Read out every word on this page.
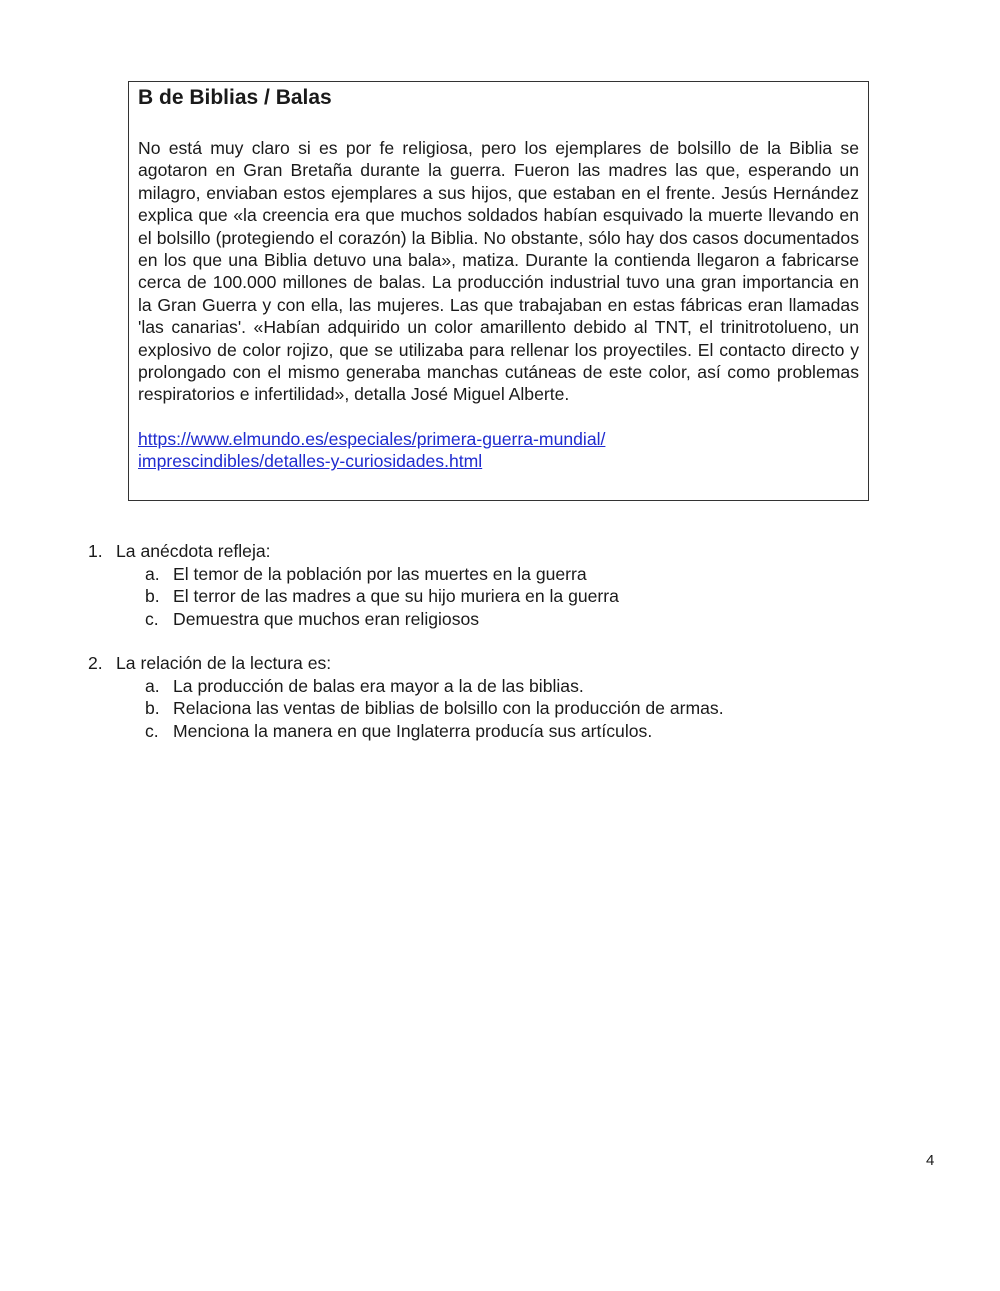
B de Biblias / Balas
No está muy claro si es por fe religiosa, pero los ejemplares de bolsillo de la Biblia se agotaron en Gran Bretaña durante la guerra. Fueron las madres las que, esperando un milagro, enviaban estos ejemplares a sus hijos, que estaban en el frente. Jesús Hernández explica que «la creencia era que muchos soldados habían esquivado la muerte llevando en el bolsillo (protegiendo el corazón) la Biblia. No obstante, sólo hay dos casos documentados en los que una Biblia detuvo una bala», matiza. Durante la contienda llegaron a fabricarse cerca de 100.000 millones de balas. La producción industrial tuvo una gran importancia en la Gran Guerra y con ella, las mujeres. Las que trabajaban en estas fábricas eran llamadas 'las canarias'. «Habían adquirido un color amarillento debido al TNT, el trinitrotolueno, un explosivo de color rojizo, que se utilizaba para rellenar los proyectiles. El contacto directo y prolongado con el mismo generaba manchas cutáneas de este color, así como problemas respiratorios e infertilidad», detalla José Miguel Alberte.
https://www.elmundo.es/especiales/primera-guerra-mundial/imprescindibles/detalles-y-curiosidades.html
1. La anécdota refleja:
a. El temor de la población por las muertes en la guerra
b. El terror de las madres a que su hijo muriera en la guerra
c. Demuestra que muchos eran religiosos
2. La relación de la lectura es:
a. La producción de balas era mayor a la de las biblias.
b. Relaciona las ventas de biblias de bolsillo con la producción de armas.
c. Menciona la manera en que Inglaterra producía sus artículos.
4
